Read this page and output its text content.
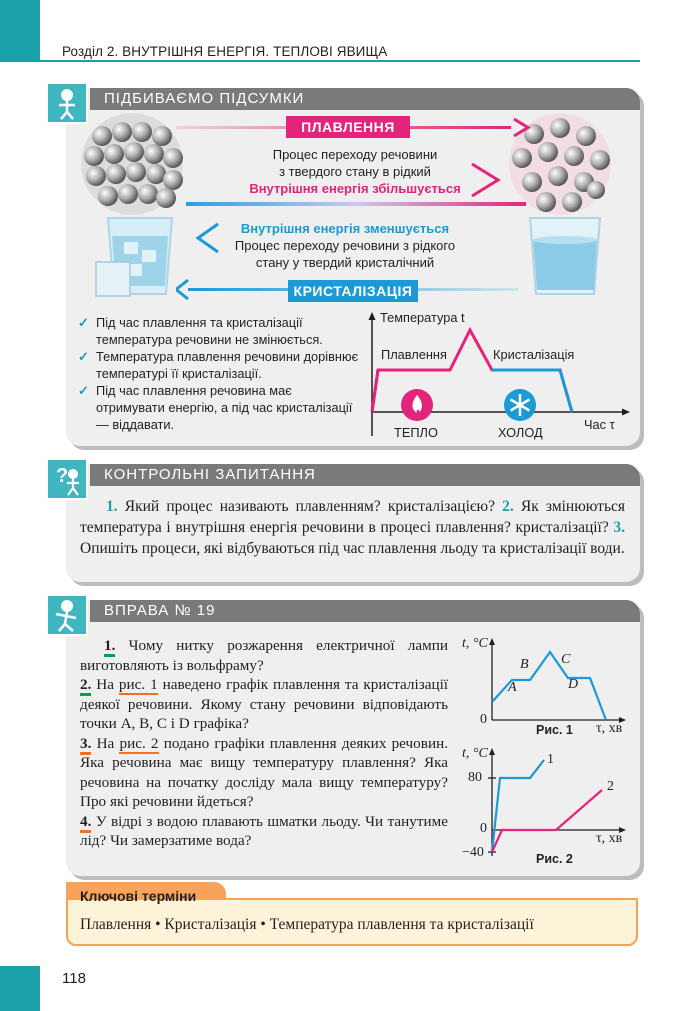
Розділ 2. ВНУТРІШНЯ ЕНЕРГІЯ. ТЕПЛОВІ ЯВИЩА
ПІДБИВАЄМО ПІДСУМКИ
ПЛАВЛЕННЯ
Процес переходу речовини
з твердого стану в рідкий
Внутрішня енергія збільшується
Внутрішня енергія зменшується
Процес переходу речовини з рідкого
стану у твердий кристалічний
КРИСТАЛІЗАЦІЯ
✓ Під час плавлення та кристалізації температура речовини не змінюється.
✓ Температура плавлення речовини дорівнює температурі її кристалізації.
✓ Під час плавлення речовина має отримувати енергію, а під час кристалізації — віддавати.
Температура t
Плавлення	Кристалізація
ТЕПЛО	ХОЛОД
Час τ
КОНТРОЛЬНІ ЗАПИТАННЯ
?
1. Який процес називають плавленням? кристалізацією? 2. Як змінюються температура і внутрішня енергія речовини в процесі плавлення? кристалізації? 3. Опишіть процеси, які відбуваються під час плавлення льоду та кристалізації води.
ВПРАВА № 19

1. Чому нитку розжарення електричної лампи виготовляють із вольфраму?

2. На рис. 1 наведено графік плавлення та кристалізації деякої речовини. Якому стану речовини відповідають точки A, B, C і D графіка?

3. На рис. 2 подано графіки плавлення деяких речовин. Яка речовина має вищу температуру плавлення? Яка речовина на початку досліду мала вищу температуру? Про які речовини йдеться?

4. У відрі з водою плавають шматки льоду. Чи танутиме лід? Чи замерзатиме вода?

t, °C
0
A
B C
D
Рис. 1 τ, хв
t, °C
80
0
−40
1
2
τ, хв
Рис. 2
Ключові терміни
Плавлення • Кристалізація • Температура плавлення та кристалізації
118
